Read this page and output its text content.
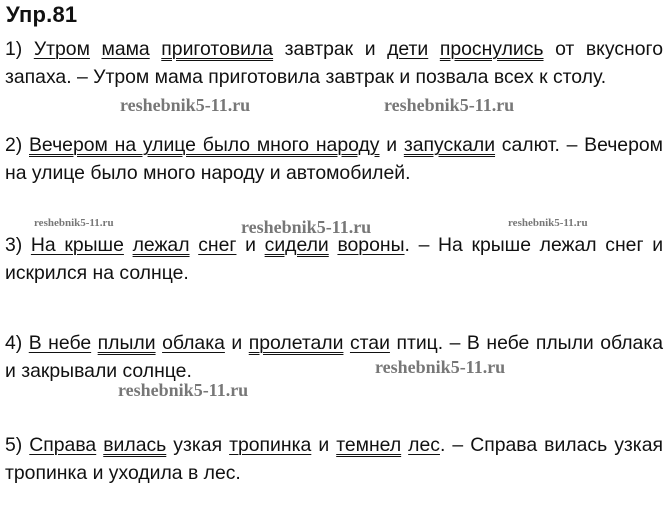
Упр.81
1) Утром мама приготовила завтрак и дети проснулись от вкусного запаха. – Утром мама приготовила завтрак и позвала всех к столу.
2) Вечером на улице было много народу и запускали салют. – Вечером на улице было много народу и автомобилей.
3) На крыше лежал снег и сидели вороны. – На крыше лежал снег и искрился на солнце.
4) В небе плыли облака и пролетали стаи птиц. – В небе плыли облака и закрывали солнце.
5) Справа вилась узкая тропинка и темнел лес. – Справа вилась узкая тропинка и уходила в лес.
reshebnik5-11.ru	reshebnik5-11.ru
reshebnik5-11.ru	reshebnik5-11.ru	reshebnik5-11.ru
reshebnik5-11.ru
reshebnik5-11.ru
